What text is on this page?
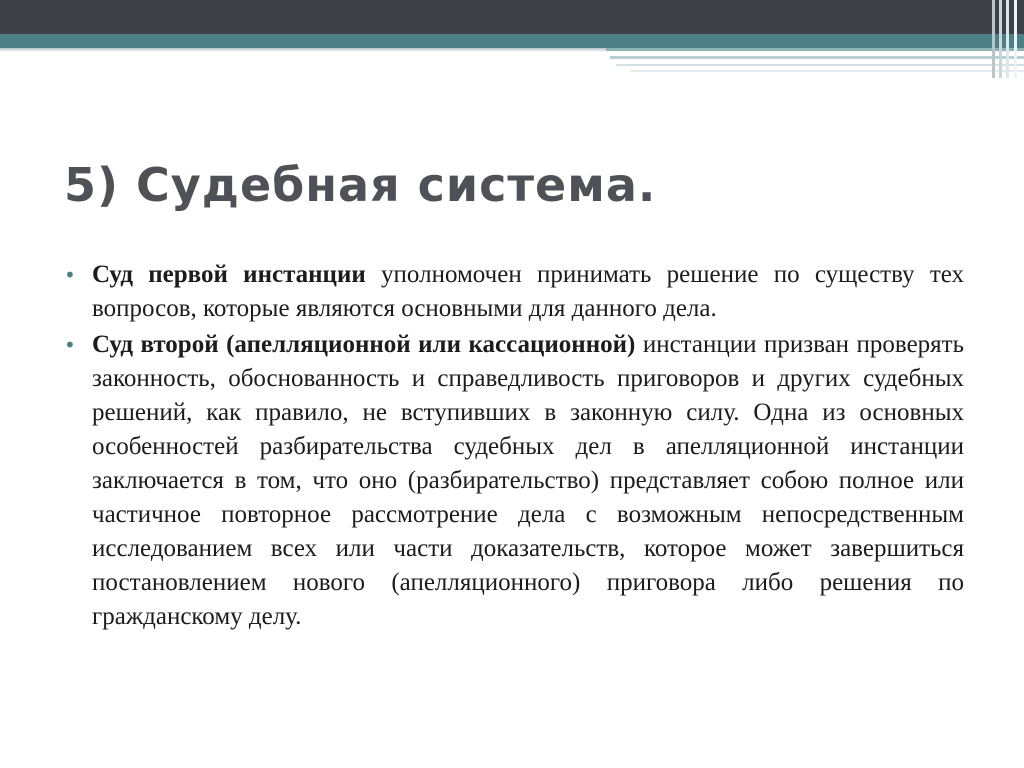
5) Судебная система.

• Суд первой инстанции уполномочен принимать решение по существу тех вопросов, которые являются основными для данного дела.

• Суд второй (апелляционной или кассационной) инстанции призван проверять законность, обоснованность и справедливость приговоров и других судебных решений, как правило, не вступивших в законную силу. Одна из основных особенностей разбирательства судебных дел в апелляционной инстанции заключается в том, что оно (разбирательство) представляет собою полное или частичное повторное рассмотрение дела с возможным непосредственным исследованием всех или части доказательств, которое может завершиться постановлением нового (апелляционного) приговора либо решения по гражданскому делу.
